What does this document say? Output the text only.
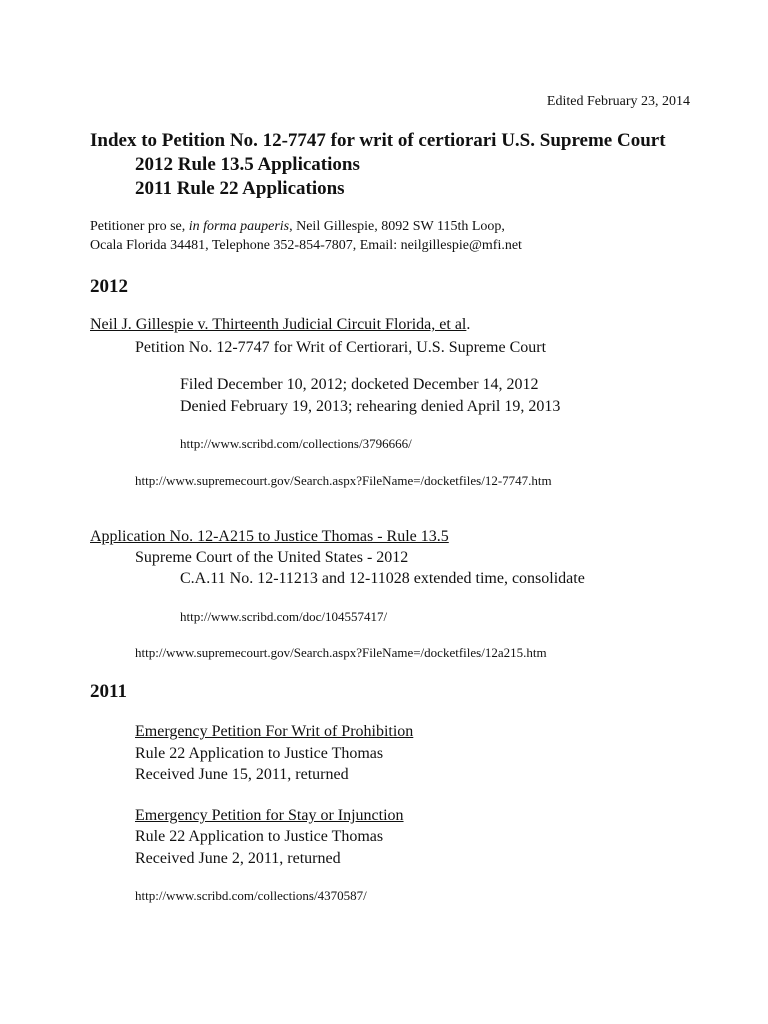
Edited February 23, 2014
Index to Petition No. 12-7747 for writ of certiorari U.S. Supreme Court
2012 Rule 13.5 Applications
2011 Rule 22 Applications
Petitioner pro se, in forma pauperis, Neil Gillespie, 8092 SW 115th Loop,
Ocala Florida 34481, Telephone 352-854-7807, Email: neilgillespie@mfi.net
2012
Neil J. Gillespie v. Thirteenth Judicial Circuit Florida, et al.
Petition No. 12-7747 for Writ of Certiorari, U.S. Supreme Court
Filed December 10, 2012; docketed December 14, 2012
Denied February 19, 2013; rehearing denied April 19, 2013
http://www.scribd.com/collections/3796666/
http://www.supremecourt.gov/Search.aspx?FileName=/docketfiles/12-7747.htm
Application No. 12-A215 to Justice Thomas - Rule 13.5
Supreme Court of the United States - 2012
C.A.11 No. 12-11213 and 12-11028 extended time, consolidate
http://www.scribd.com/doc/104557417/
http://www.supremecourt.gov/Search.aspx?FileName=/docketfiles/12a215.htm
2011
Emergency Petition For Writ of Prohibition
Rule 22 Application to Justice Thomas
Received June 15, 2011, returned
Emergency Petition for Stay or Injunction
Rule 22 Application to Justice Thomas
Received June 2, 2011, returned
http://www.scribd.com/collections/4370587/
